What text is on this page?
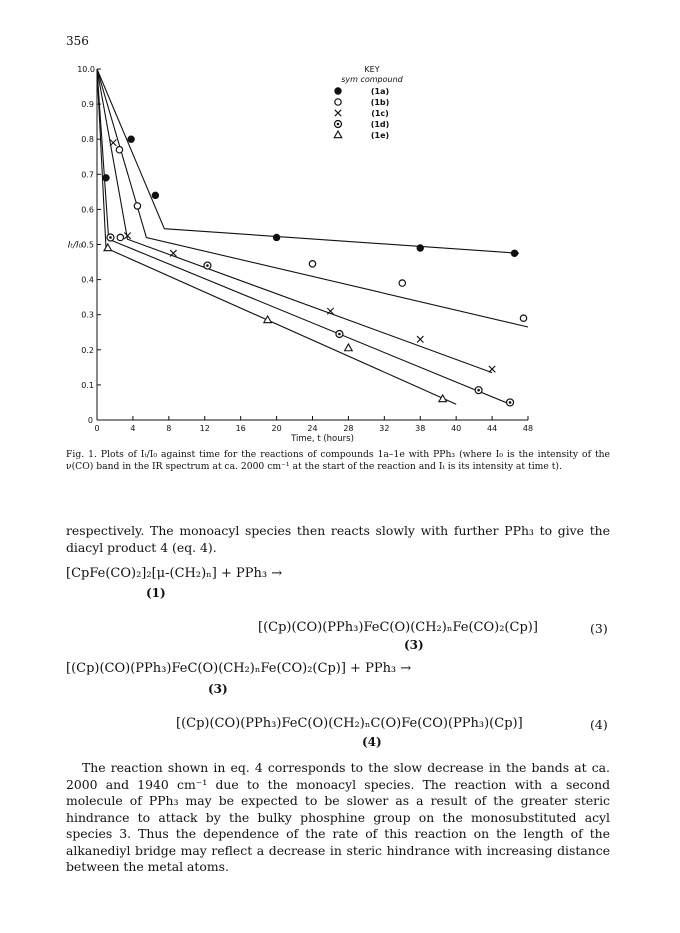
356
0	4	8	12	16	20	24	28	32	38	40	44	48
0
0.1
0.2
0.3
0.4
0.5
0.6
0.7
0.8
0.9
10.0
Time, t (hours)
Iₜ/I₀
KEY
sym compound
(1a)
(1b)
(1c)
(1d)
(1e)
Fig. 1. Plots of Iₜ/I₀ against time for the reactions of compounds 1a–1e with PPh₃ (where I₀ is the intensity of the ν(CO) band in the IR spectrum at ca. 2000 cm⁻¹ at the start of the reaction and Iₜ is its intensity at time t).

respectively. The monoacyl species then reacts slowly with further PPh₃ to give the diacyl product 4 (eq. 4).

[CpFe(CO)₂]₂[μ-(CH₂)ₙ] + PPh₃ →
(1)
[(Cp)(CO)(PPh₃)FeC(O)(CH₂)ₙFe(CO)₂(Cp)]	(3)
(3)
[(Cp)(CO)(PPh₃)FeC(O)(CH₂)ₙFe(CO)₂(Cp)] + PPh₃ →
(3)
[(Cp)(CO)(PPh₃)FeC(O)(CH₂)ₙC(O)Fe(CO)(PPh₃)(Cp)]	(4)
(4)

The reaction shown in eq. 4 corresponds to the slow decrease in the bands at ca. 2000 and 1940 cm⁻¹ due to the monoacyl species. The reaction with a second molecule of PPh₃ may be expected to be slower as a result of the greater steric hindrance to attack by the bulky phosphine group on the monosubstituted acyl species 3. Thus the dependence of the rate of this reaction on the length of the alkanediyl bridge may reflect a decrease in steric hindrance with increasing distance between the metal atoms.
